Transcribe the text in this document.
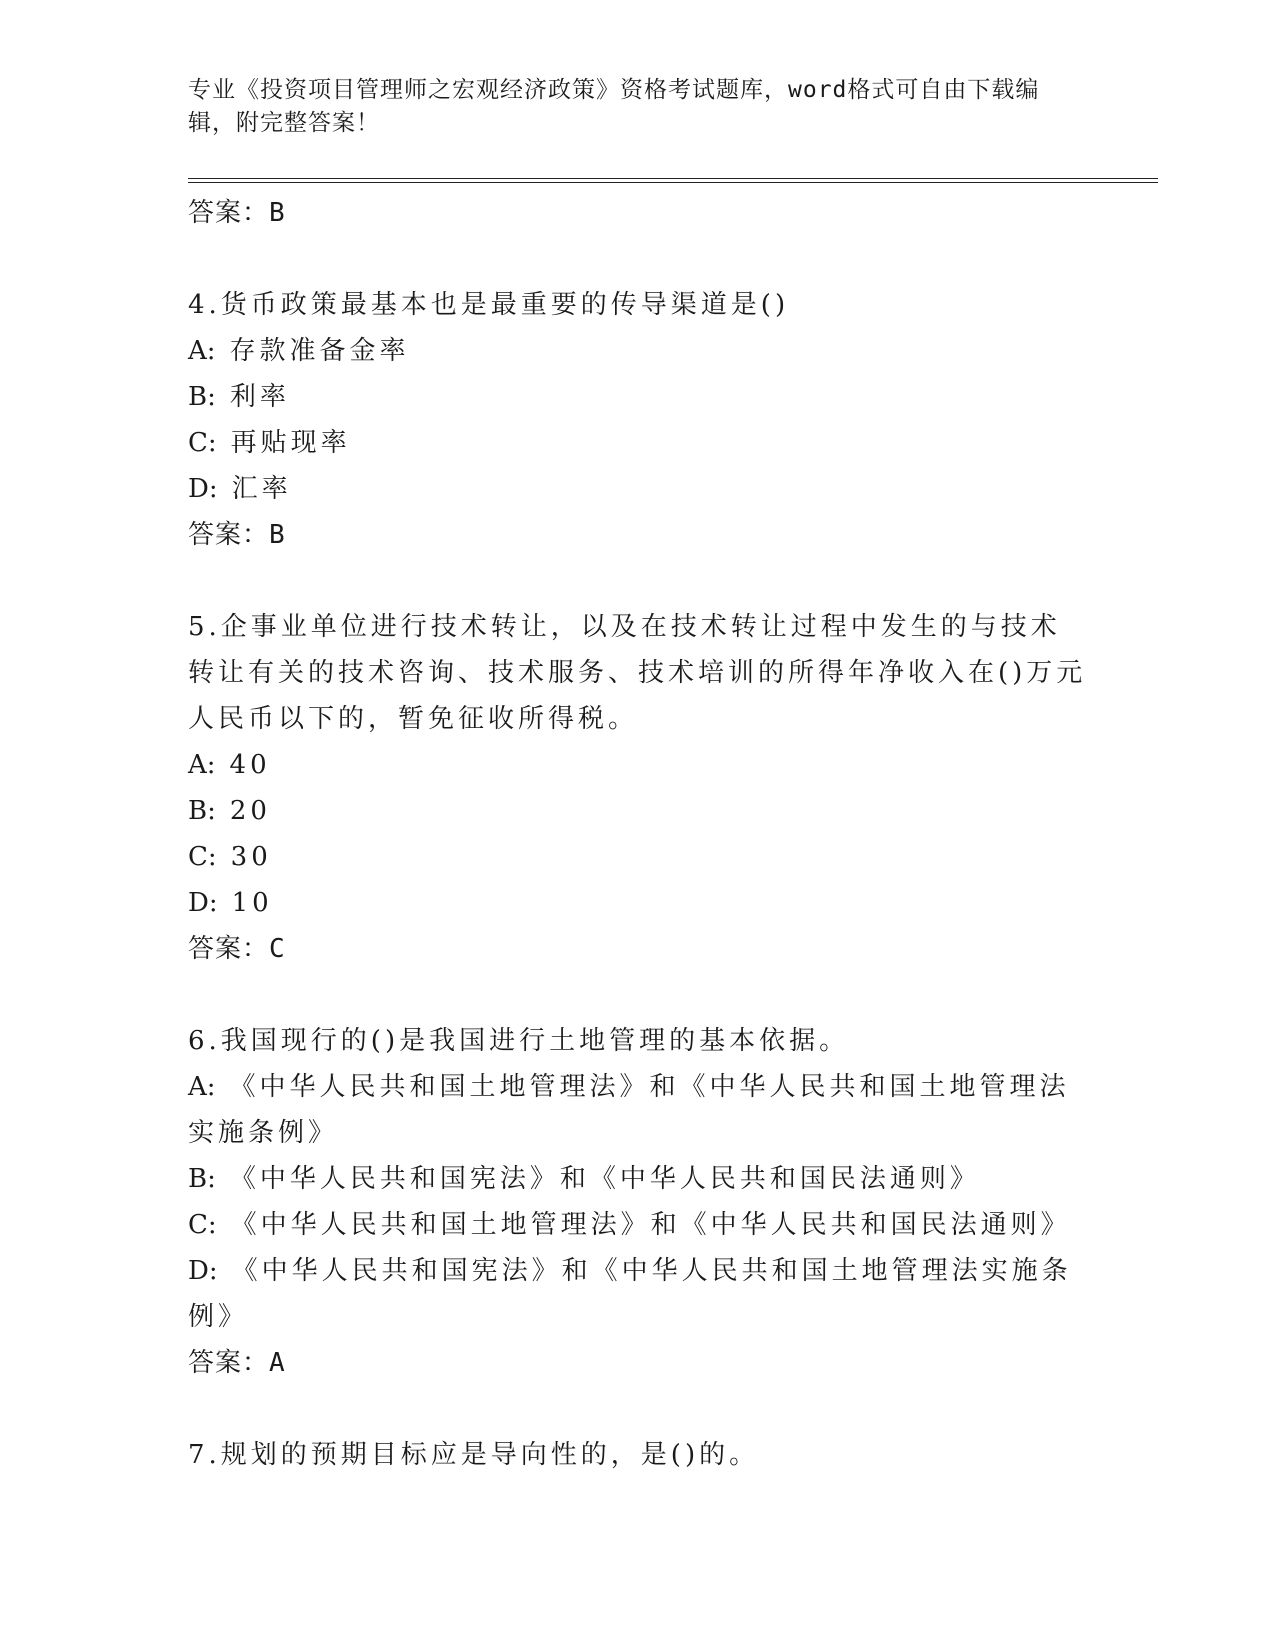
专业《投资项目管理师之宏观经济政策》资格考试题库，word格式可自由下载编辑，附完整答案！
答案：B

4.货币政策最基本也是最重要的传导渠道是()

A: 存款准备金率
B: 利率
C: 再贴现率
D: 汇率
答案：B

5.企事业单位进行技术转让，以及在技术转让过程中发生的与技术转让有关的技术咨询、技术服务、技术培训的所得年净收入在()万元人民币以下的，暂免征收所得税。

A: 40
B: 20
C: 30
D: 10
答案：C

6.我国现行的()是我国进行土地管理的基本依据。

A: 《中华人民共和国土地管理法》和《中华人民共和国土地管理法实施条例》
B: 《中华人民共和国宪法》和《中华人民共和国民法通则》
C: 《中华人民共和国土地管理法》和《中华人民共和国民法通则》
D: 《中华人民共和国宪法》和《中华人民共和国土地管理法实施条例》
答案：A

7.规划的预期目标应是导向性的，是()的。
